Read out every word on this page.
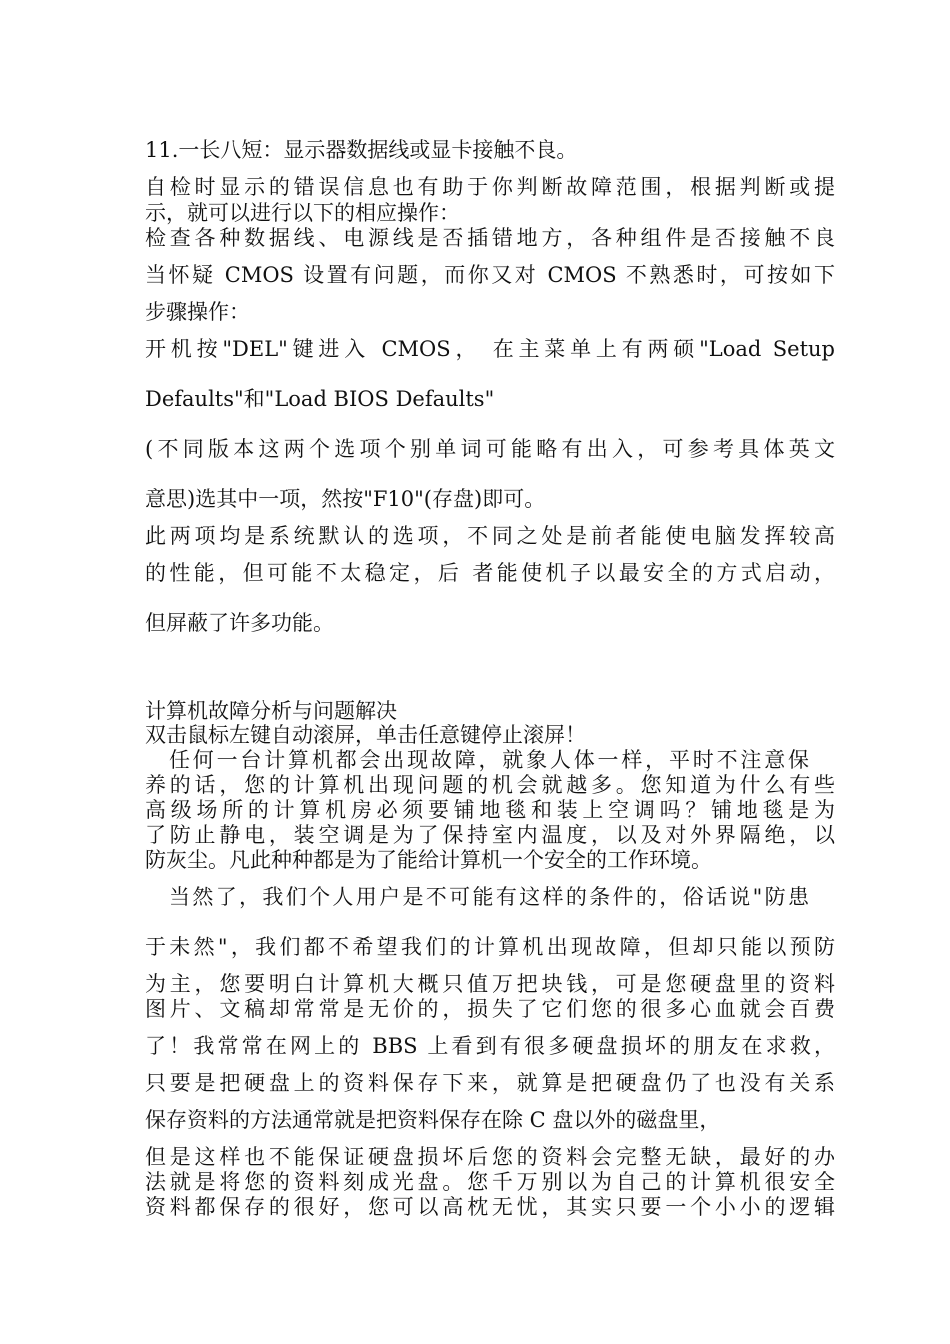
11.一长八短：显示器数据线或显卡接触不良。
自检时显示的错误信息也有助于你判断故障范围，根据判断或提
示，就可以进行以下的相应操作：
检查各种数据线、电源线是否插错地方，各种组件是否接触不良
当怀疑 CMOS 设置有问题，而你又对 CMOS 不熟悉时，可按如下
步骤操作：
开机按"DEL"键进入 CMOS， 在主菜单上有两硕"Load Setup
Defaults"和"Load BIOS Defaults"
(不同版本这两个选项个别单词可能略有出入，可参考具体英文
意思)选其中一项，然按"F10"(存盘)即可。
此两项均是系统默认的选项，不同之处是前者能使电脑发挥较高
的性能，但可能不太稳定，后 者能使机子以最安全的方式启动，
但屏蔽了许多功能。
计算机故障分析与问题解决
双击鼠标左键自动滚屏，单击任意键停止滚屏！
任何一台计算机都会出现故障，就象人体一样，平时不注意保
养的话，您的计算机出现问题的机会就越多。您知道为什么有些
高级场所的计算机房必须要铺地毯和装上空调吗？铺地毯是为
了防止静电，装空调是为了保持室内温度，以及对外界隔绝，以
防灰尘。凡此种种都是为了能给计算机一个安全的工作环境。
当然了，我们个人用户是不可能有这样的条件的，俗话说"防患
于未然"，我们都不希望我们的计算机出现故障，但却只能以预防
为主，您要明白计算机大概只值万把块钱，可是您硬盘里的资料
图片、文稿却常常是无价的，损失了它们您的很多心血就会百费
了！我常常在网上的 BBS 上看到有很多硬盘损坏的朋友在求救，
只要是把硬盘上的资料保存下来，就算是把硬盘仍了也没有关系
保存资料的方法通常就是把资料保存在除 C 盘以外的磁盘里，
但是这样也不能保证硬盘损坏后您的资料会完整无缺，最好的办
法就是将您的资料刻成光盘。您千万别以为自己的计算机很安全
资料都保存的很好，您可以高枕无忧，其实只要一个小小的逻辑
